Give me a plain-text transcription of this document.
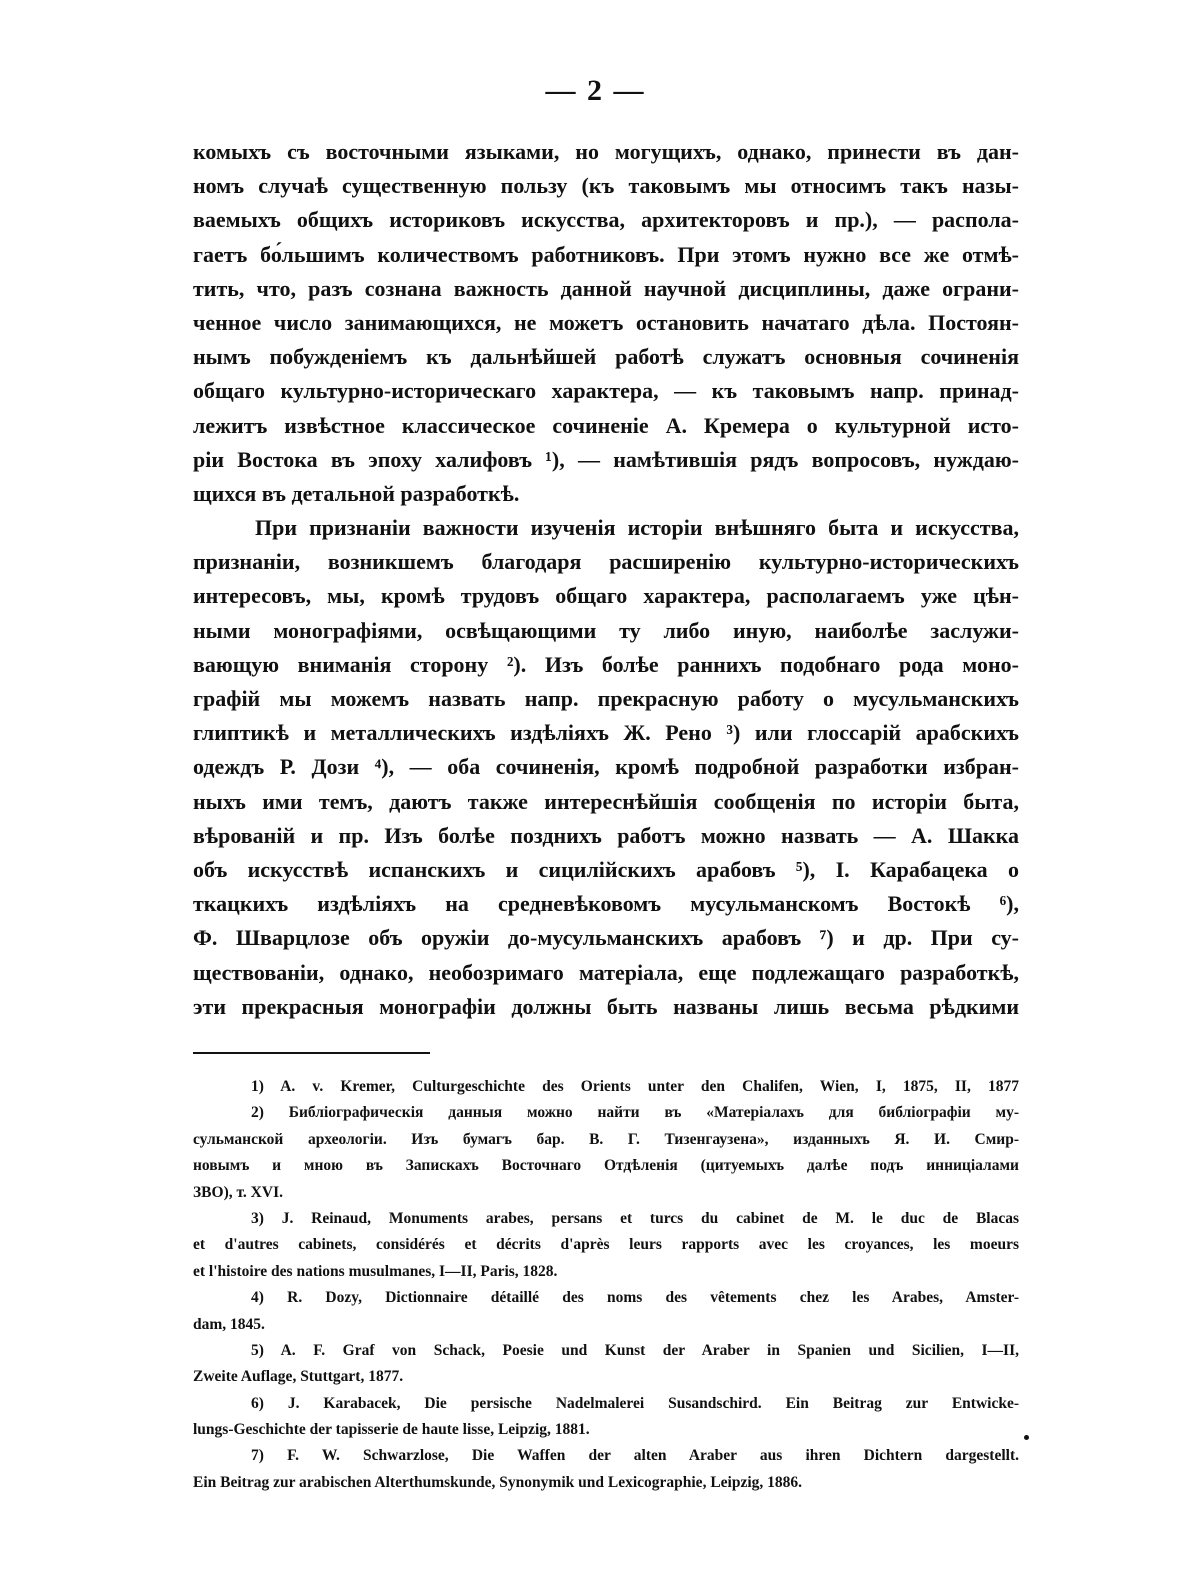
— 2 —
комыхъ съ восточными языками, но могущихъ, однако, принести въ дан-
номъ случаѣ существенную пользу (къ таковымъ мы относимъ такъ назы-
ваемыхъ общихъ историковъ искусства, архитекторовъ и пр.), — распола-
гаетъ бо́льшимъ количествомъ работниковъ. При этомъ нужно все же отмѣ-
тить, что, разъ сознана важность данной научной дисциплины, даже ограни-
ченное число занимающихся, не можетъ остановить начатаго дѣла. Постоян-
нымъ побужденіемъ къ дальнѣйшей работѣ служатъ основныя сочиненія
общаго культурно-историческаго характера, — къ таковымъ напр. принад-
лежитъ извѣстное классическое сочиненіе А. Кремера о культурной исто-
ріи Востока въ эпоху халифовъ ¹), — намѣтившія рядъ вопросовъ, нуждаю-
щихся въ детальной разработкѣ.
При признаніи важности изученія исторіи внѣшняго быта и искусства,
признаніи, возникшемъ благодаря расширенію культурно-историческихъ
интересовъ, мы, кромѣ трудовъ общаго характера, располагаемъ уже цѣн-
ными монографіями, освѣщающими ту либо иную, наиболѣе заслужи-
вающую вниманія сторону ²). Изъ болѣе раннихъ подобнаго рода моно-
графій мы можемъ назвать напр. прекрасную работу о мусульманскихъ
глиптикѣ и металлическихъ издѣліяхъ Ж. Рено ³) или глоссарій арабскихъ
одеждъ Р. Дози ⁴), — оба сочиненія, кромѣ подробной разработки избран-
ныхъ ими темъ, даютъ также интереснѣйшія сообщенія по исторіи быта,
вѣрованій и пр. Изъ болѣе позднихъ работъ можно назвать — А. Шакка
объ искусствѣ испанскихъ и сицилійскихъ арабовъ ⁵), І. Карабацека о
ткацкихъ издѣліяхъ на средневѣковомъ мусульманскомъ Востокѣ ⁶),
Ф. Шварцлозе объ оружіи до-мусульманскихъ арабовъ ⁷) и др. При су-
ществованіи, однако, необозримаго матеріала, еще подлежащаго разработкѣ,
эти прекрасныя монографіи должны быть названы лишь весьма рѣдкими
1) A. v. Kremer, Culturgeschichte des Orients unter den Chalifen, Wien, I, 1875, II, 1877
2) Библіографическія данныя можно найти въ «Матеріалахъ для библіографіи му-
сульманской археологіи. Изъ бумагъ бар. В. Г. Тизенгаузена», изданныхъ Я. И. Смир-
новымъ и мною въ Запискахъ Восточнаго Отдѣленія (цитуемыхъ далѣе подъ инниціалами
ЗВО), т. XVI.
3) J. Reinaud, Monuments arabes, persans et turcs du cabinet de M. le duc de Blacas
et d'autres cabinets, considérés et décrits d'après leurs rapports avec les croyances, les moeurs
et l'histoire des nations musulmanes, I—II, Paris, 1828.
4) R. Dozy, Dictionnaire détaillé des noms des vêtements chez les Arabes, Amster-
dam, 1845.
5) A. F. Graf von Schack, Poesie und Kunst der Araber in Spanien und Sicilien, I—II,
Zweite Auflage, Stuttgart, 1877.
6) J. Karabacek, Die persische Nadelmalerei Susandschird. Ein Beitrag zur Entwicke-
lungs-Geschichte der tapisserie de haute lisse, Leipzig, 1881.
7) F. W. Schwarzlose, Die Waffen der alten Araber aus ihren Dichtern dargestellt.
Ein Beitrag zur arabischen Alterthumskunde, Synonymik und Lexicographie, Leipzig, 1886.
